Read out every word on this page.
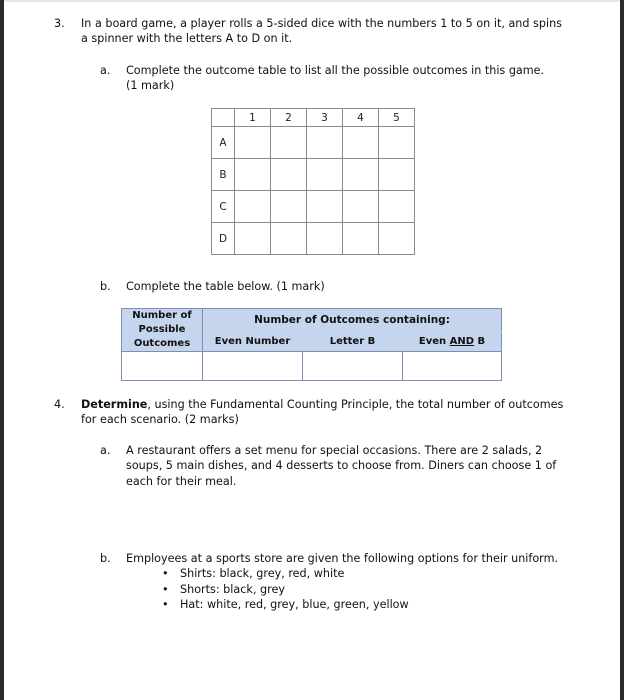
3. In a board game, a player rolls a 5-sided dice with the numbers 1 to 5 on it, and spins
a spinner with the letters A to D on it.
a. Complete the outcome table to list all the possible outcomes in this game.
(1 mark)
	1	2	3	4	5
A					
B					
C					
D					
b. Complete the table below. (1 mark)
Number of
Possible
Outcomes	Number of Outcomes containing:		
	Even Number	Letter B	Even AND B

4. Determine, using the Fundamental Counting Principle, the total number of outcomes
for each scenario. (2 marks)
a. A restaurant offers a set menu for special occasions. There are 2 salads, 2
soups, 5 main dishes, and 4 desserts to choose from. Diners can choose 1 of
each for their meal.
b. Employees at a sports store are given the following options for their uniform.
• Shirts: black, grey, red, white
• Shorts: black, grey
• Hat: white, red, grey, blue, green, yellow
